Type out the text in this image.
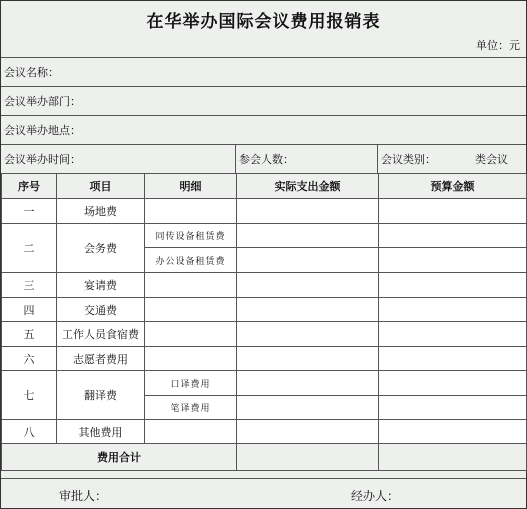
在华举办国际会议费用报销表
单位：元
会议名称：
会议举办部门：
会议举办地点：
会议举办时间：	参会人数：	会议类别：	类会议
序号	项目	明细	实际支出金额	预算金额
一	场地费			
二	会务费	同传设备租赁费		
		办公设备租赁费		
三	宴请费			
四	交通费			
五	工作人员食宿费			
六	志愿者费用			
七	翻译费	口译费用		
		笔译费用		
八	其他费用			
费用合计				
审批人：	经办人：
